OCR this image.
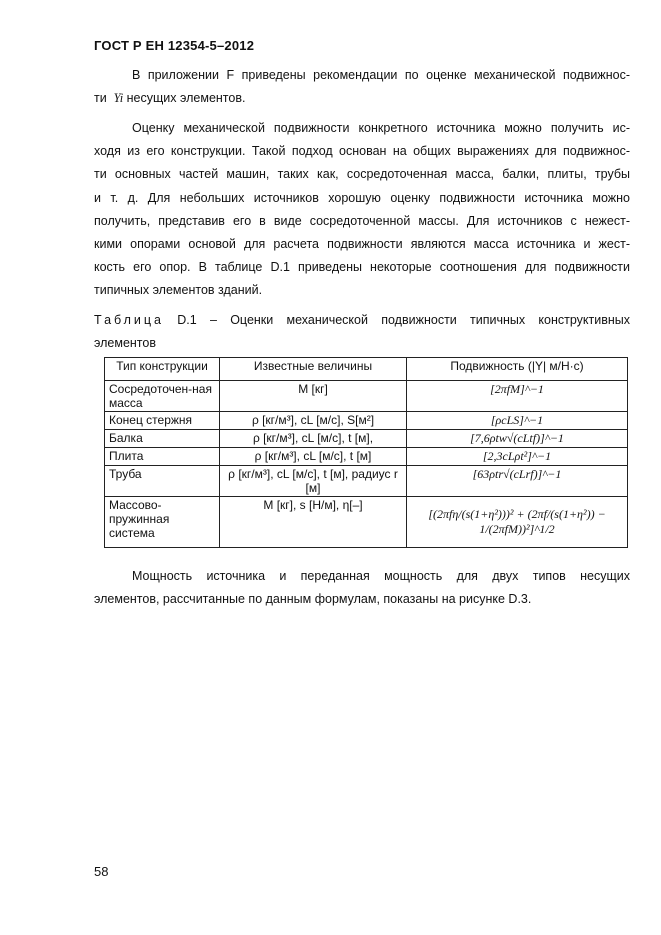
ГОСТ Р ЕН 12354-5–2012
В приложении F приведены рекомендации по оценке механической подвижнос-
ти Yi несущих элементов.
Оценку механической подвижности конкретного источника можно получить ис-
ходя из его конструкции. Такой подход основан на общих выражениях для подвижнос-
ти основных частей машин, таких как, сосредоточенная масса, балки, плиты, трубы
и т. д. Для небольших источников хорошую оценку подвижности источника можно
получить, представив его в виде сосредоточенной массы. Для источников с нежест-
кими опорами основой для расчета подвижности являются масса источника и жест-
кость его опор. В таблице D.1 приведены некоторые соотношения для подвижности
типичных элементов зданий.
Таблица D.1 – Оценки механической подвижности типичных конструктивных
элементов
Тип конструкции	Известные величины	Подвижность (|Y| м/Н·с)
Сосредоточен-ная масса	M [кг]	[2πfM]^−1
Конец стержня	ρ [кг/м³], cL [м/с], S[м²]	[ρcLS]^−1
Балка	ρ [кг/м³], cL [м/с], t [м],	[7,6ρtw√(cLtf)]^−1
Плита	ρ [кг/м³], cL [м/с], t [м]	[2,3cLρt²]^−1
Труба	ρ [кг/м³], cL [м/с], t [м], радиус r [м]	[63ρtr√(cLrf)]^−1
Массово-пружинная система	M [кг], s [Н/м], η[–]	[(2πfη/(s(1+η²)))² + (2πf/(s(1+η²)) − 1/(2πfM))²]^1/2
Мощность источника и переданная мощность для двух типов несущих
элементов, рассчитанные по данным формулам, показаны на рисунке D.3.
58
